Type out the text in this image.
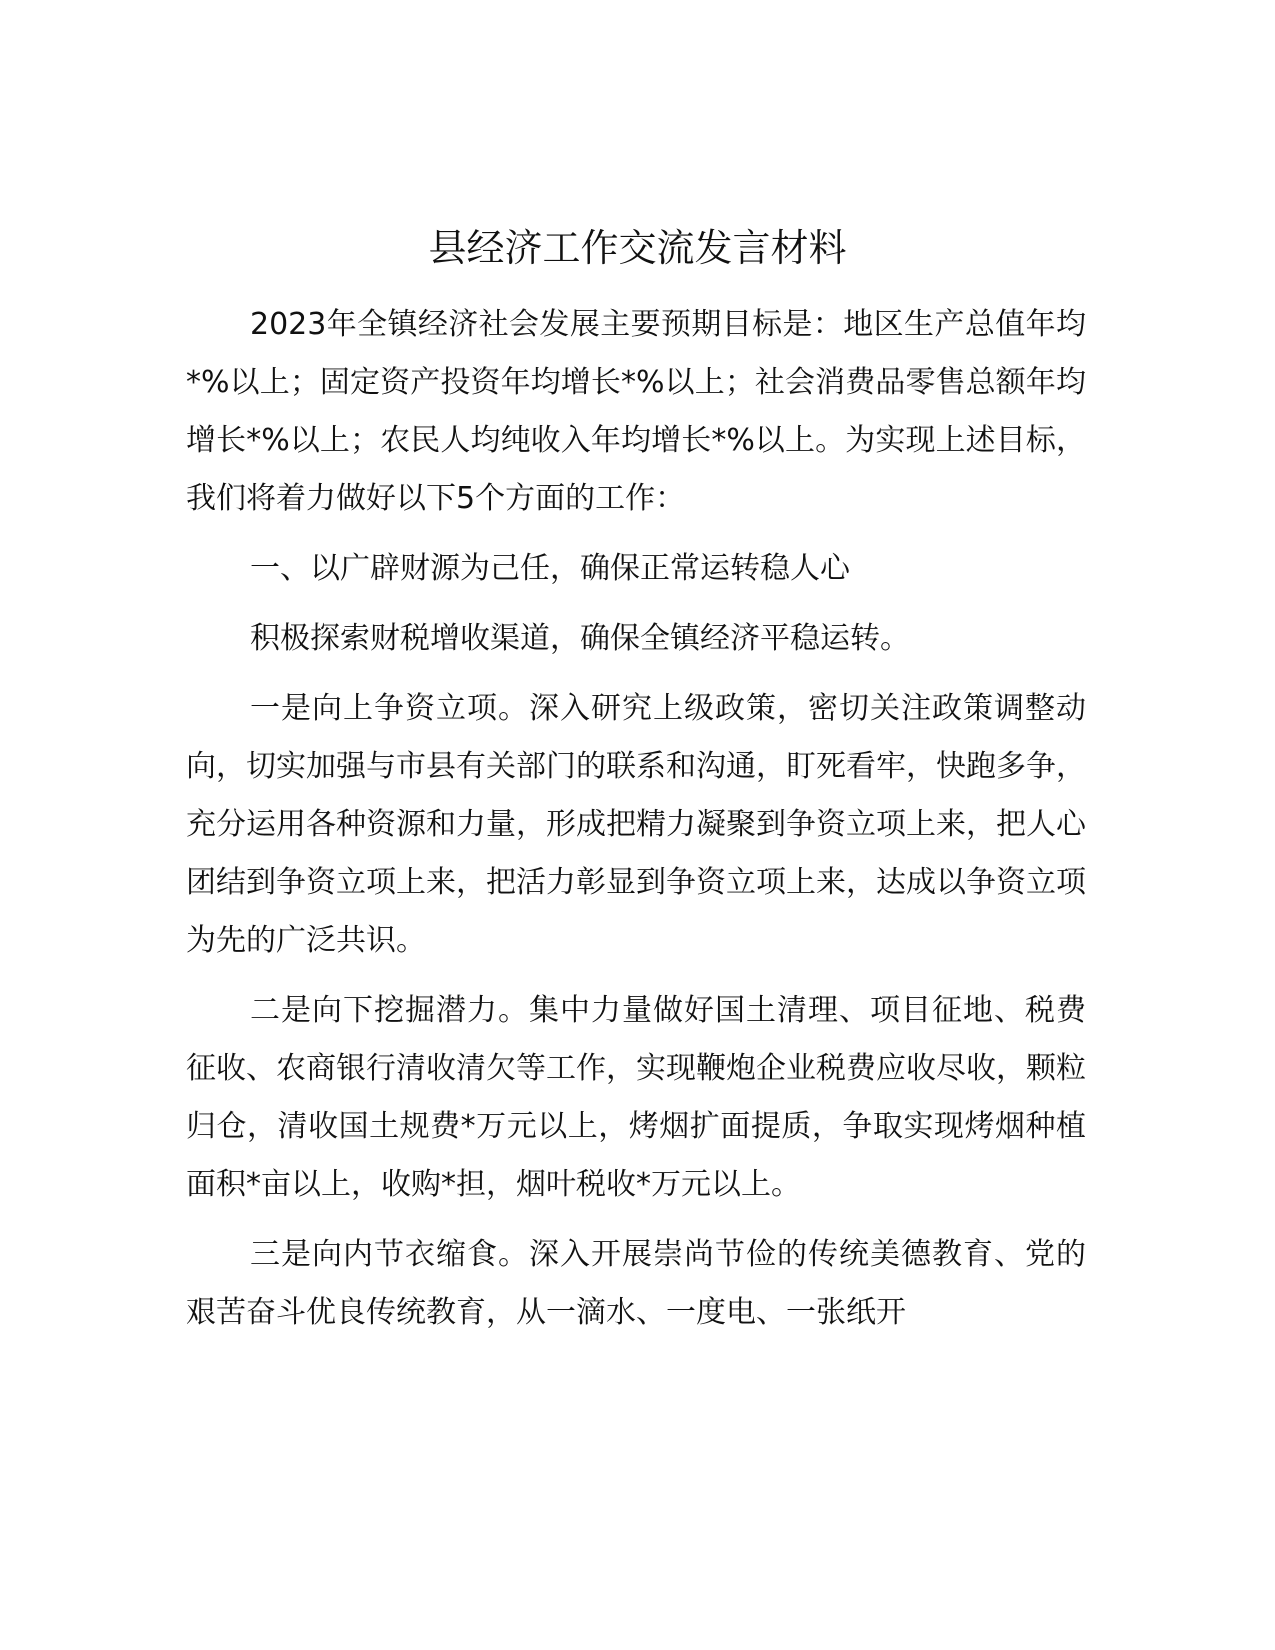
县经济工作交流发言材料

2023年全镇经济社会发展主要预期目标是：地区生产总值年均*%以上；固定资产投资年均增长*%以上；社会消费品零售总额年均增长*%以上；农民人均纯收入年均增长*%以上。为实现上述目标，我们将着力做好以下5个方面的工作：

一、以广辟财源为己任，确保正常运转稳人心

积极探索财税增收渠道，确保全镇经济平稳运转。

一是向上争资立项。深入研究上级政策，密切关注政策调整动向，切实加强与市县有关部门的联系和沟通，盯死看牢，快跑多争，充分运用各种资源和力量，形成把精力凝聚到争资立项上来，把人心团结到争资立项上来，把活力彰显到争资立项上来，达成以争资立项为先的广泛共识。

二是向下挖掘潜力。集中力量做好国土清理、项目征地、税费征收、农商银行清收清欠等工作，实现鞭炮企业税费应收尽收，颗粒归仓，清收国土规费*万元以上，烤烟扩面提质，争取实现烤烟种植面积*亩以上，收购*担，烟叶税收*万元以上。

三是向内节衣缩食。深入开展崇尚节俭的传统美德教育、党的艰苦奋斗优良传统教育，从一滴水、一度电、一张纸开
